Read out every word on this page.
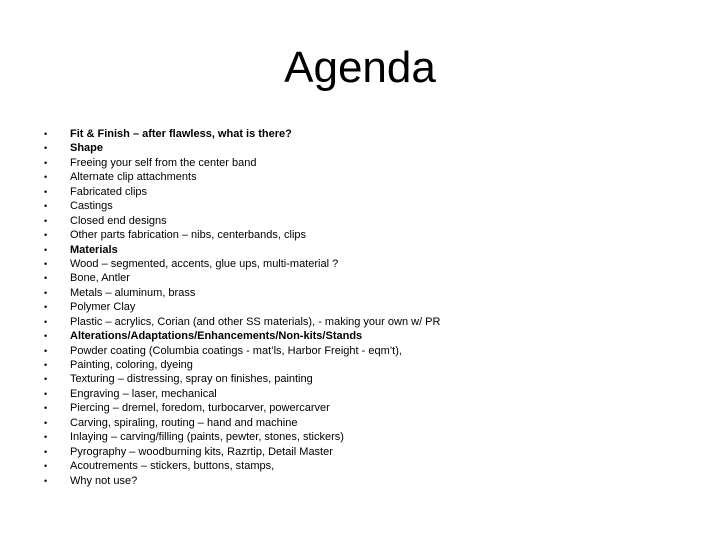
Agenda
• Fit & Finish – after flawless, what is there?
• Shape
• Freeing your self from the center band
• Alternate clip attachments
• Fabricated clips
• Castings
• Closed end designs
• Other parts fabrication – nibs, centerbands, clips
• Materials
• Wood – segmented, accents, glue ups, multi-material ?
• Bone, Antler
• Metals – aluminum, brass
• Polymer Clay
• Plastic – acrylics, Corian (and other SS materials), - making your own w/ PR
• Alterations/Adaptations/Enhancements/Non-kits/Stands
• Powder coating (Columbia coatings - mat’ls, Harbor Freight - eqm’t),
• Painting, coloring, dyeing
• Texturing – distressing, spray on finishes, painting
• Engraving – laser, mechanical
• Piercing – dremel, foredom, turbocarver, powercarver
• Carving, spiraling, routing – hand and machine
• Inlaying – carving/filling (paints, pewter, stones, stickers)
• Pyrography – woodburning kits, Razrtip, Detail Master
• Acoutrements – stickers, buttons, stamps,
• Why not use?
